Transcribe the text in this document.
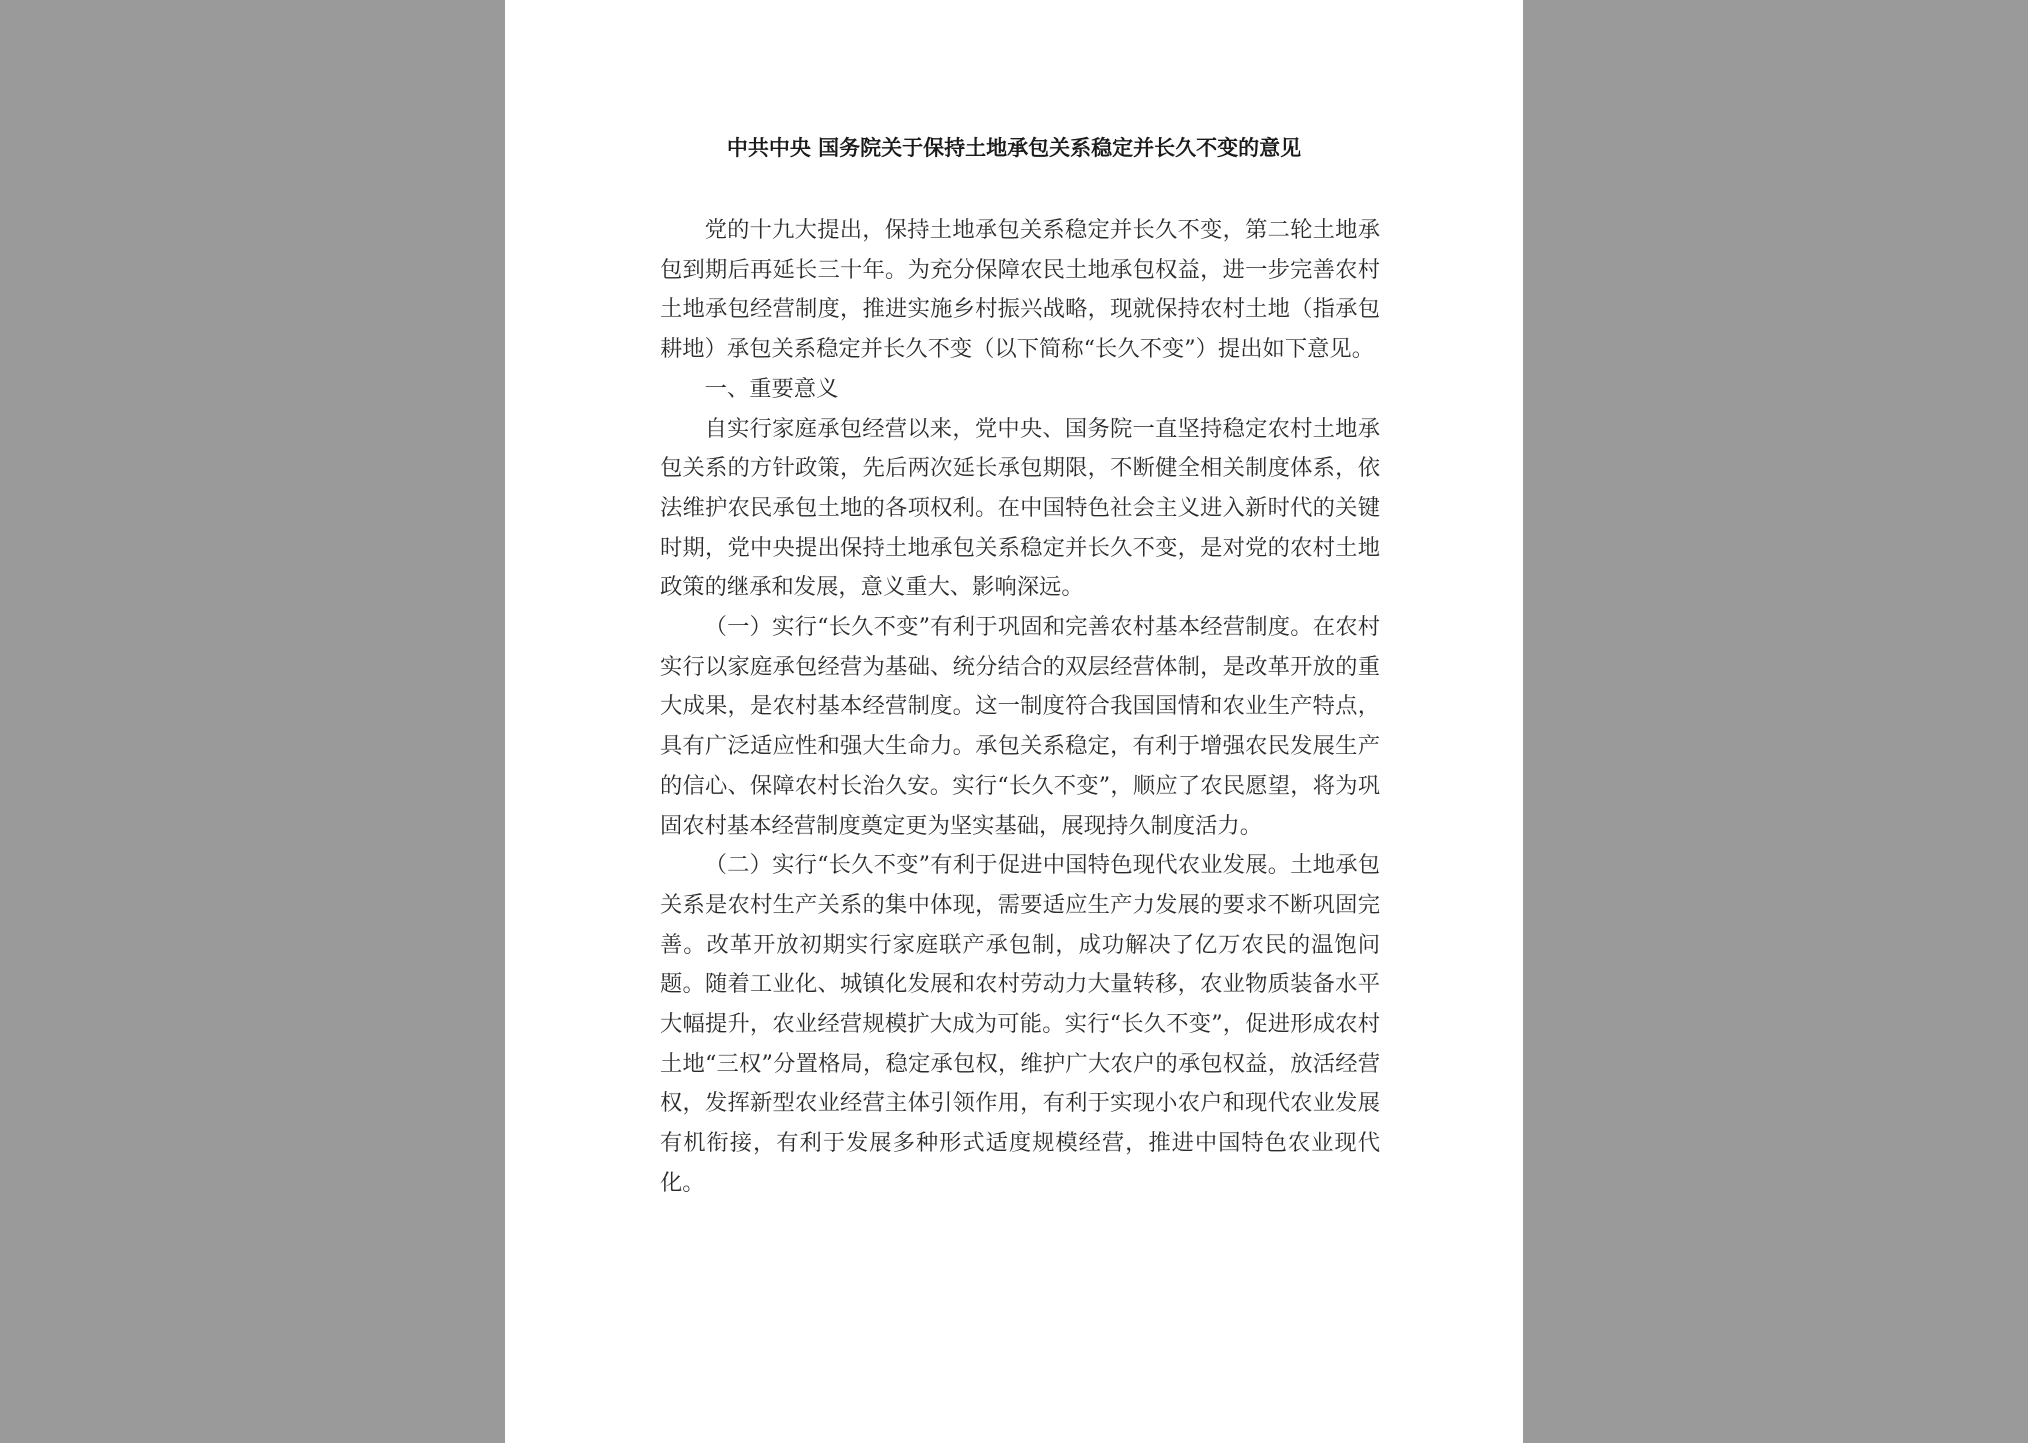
中共中央 国务院关于保持土地承包关系稳定并长久不变的意见

党的十九大提出，保持土地承包关系稳定并长久不变，第二轮土地承包到期后再延长三十年。为充分保障农民土地承包权益，进一步完善农村土地承包经营制度，推进实施乡村振兴战略，现就保持农村土地（指承包耕地）承包关系稳定并长久不变（以下简称“长久不变”）提出如下意见。

一、重要意义

自实行家庭承包经营以来，党中央、国务院一直坚持稳定农村土地承包关系的方针政策，先后两次延长承包期限，不断健全相关制度体系，依法维护农民承包土地的各项权利。在中国特色社会主义进入新时代的关键时期，党中央提出保持土地承包关系稳定并长久不变，是对党的农村土地政策的继承和发展，意义重大、影响深远。

（一）实行“长久不变”有利于巩固和完善农村基本经营制度。在农村实行以家庭承包经营为基础、统分结合的双层经营体制，是改革开放的重大成果，是农村基本经营制度。这一制度符合我国国情和农业生产特点，具有广泛适应性和强大生命力。承包关系稳定，有利于增强农民发展生产的信心、保障农村长治久安。实行“长久不变”，顺应了农民愿望，将为巩固农村基本经营制度奠定更为坚实基础，展现持久制度活力。

（二）实行“长久不变”有利于促进中国特色现代农业发展。土地承包关系是农村生产关系的集中体现，需要适应生产力发展的要求不断巩固完善。改革开放初期实行家庭联产承包制，成功解决了亿万农民的温饱问题。随着工业化、城镇化发展和农村劳动力大量转移，农业物质装备水平大幅提升，农业经营规模扩大成为可能。实行“长久不变”，促进形成农村土地“三权”分置格局，稳定承包权，维护广大农户的承包权益，放活经营权，发挥新型农业经营主体引领作用，有利于实现小农户和现代农业发展有机衔接，有利于发展多种形式适度规模经营，推进中国特色农业现代化。
